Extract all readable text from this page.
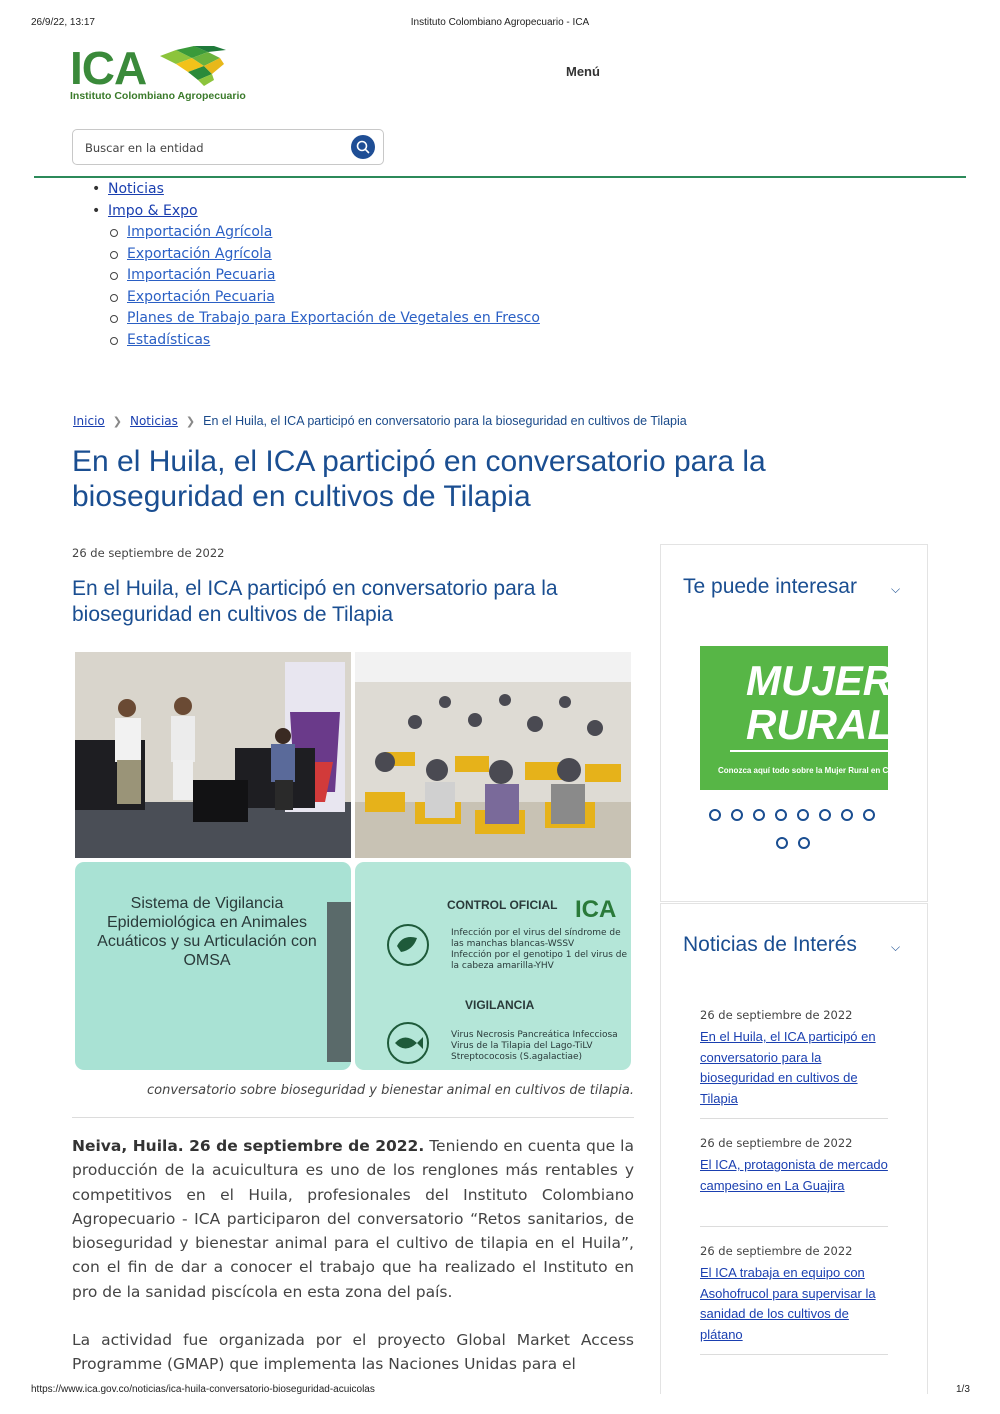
26/9/22, 13:17	Instituto Colombiano Agropecuario - ICA
ICA
Instituto Colombiano Agropecuario
Menú
Buscar en la entidad
• Noticias
• Impo & Expo
Importación Agrícola
Exportación Agrícola
Importación Pecuaria
Exportación Pecuaria
Planes de Trabajo para Exportación de Vegetales en Fresco
Estadísticas
Inicio ❯ Noticias ❯ En el Huila, el ICA participó en conversatorio para la bioseguridad en cultivos de Tilapia
En el Huila, el ICA participó en conversatorio para la bioseguridad en cultivos de Tilapia
26 de septiembre de 2022
En el Huila, el ICA participó en conversatorio para la bioseguridad en cultivos de Tilapia
Sistema de Vigilancia Epidemiológica en Animales Acuáticos y su Articulación con OMSA
CONTROL OFICIAL ICA
Infección por el virus del síndrome de las manchas blancas-WSSV
Infección por el genotipo 1 del virus de la cabeza amarilla-YHV
VIGILANCIA
Virus Necrosis Pancreática Infecciosa
Virus de la Tilapia del Lago-TiLV
Streptococosis (S.agalactiae)
conversatorio sobre bioseguridad y bienestar animal en cultivos de tilapia.

Neiva, Huila. 26 de septiembre de 2022. Teniendo en cuenta que la producción de la acuicultura es uno de los renglones más rentables y competitivos en el Huila, profesionales del Instituto Colombiano Agropecuario - ICA participaron del conversatorio “Retos sanitarios, de bioseguridad y bienestar animal para el cultivo de tilapia en el Huila”, con el fin de dar a conocer el trabajo que ha realizado el Instituto en pro de la sanidad piscícola en esta zona del país.

La actividad fue organizada por el proyecto Global Market Access Programme (GMAP) que implementa las Naciones Unidas para el

Te puede interesar	⌵
MUJER
RURAL
Conozca aquí todo sobre la Mujer Rural en Colombia
Noticias de Interés	⌵
26 de septiembre de 2022
En el Huila, el ICA participó en conversatorio para la bioseguridad en cultivos de Tilapia
26 de septiembre de 2022
El ICA, protagonista de mercado campesino en La Guajira
26 de septiembre de 2022
El ICA trabaja en equipo con Asohofrucol para supervisar la sanidad de los cultivos de plátano
https://www.ica.gov.co/noticias/ica-huila-conversatorio-bioseguridad-acuicolas	1/3
